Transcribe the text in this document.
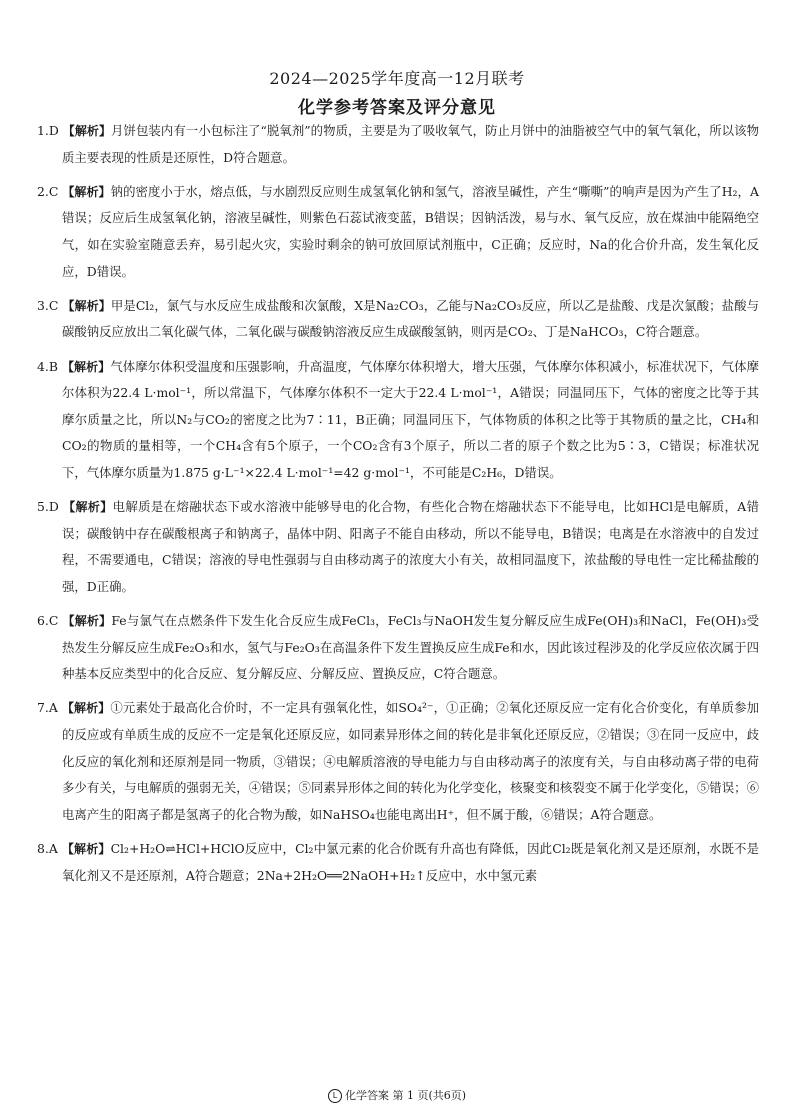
2024—2025学年度高一12月联考
化学参考答案及评分意见

1.D 【解析】月饼包装内有一小包标注了“脱氧剂”的物质，主要是为了吸收氧气，防止月饼中的油脂被空气中的氧气氧化，所以该物质主要表现的性质是还原性，D符合题意。

2.C 【解析】钠的密度小于水，熔点低，与水剧烈反应则生成氢氧化钠和氢气，溶液呈碱性，产生“嘶嘶”的响声是因为产生了H₂，A错误；反应后生成氢氧化钠，溶液呈碱性，则紫色石蕊试液变蓝，B错误；因钠活泼，易与水、氧气反应，放在煤油中能隔绝空气，如在实验室随意丢弃，易引起火灾，实验时剩余的钠可放回原试剂瓶中，C正确；反应时，Na的化合价升高，发生氧化反应，D错误。

3.C 【解析】甲是Cl₂，氯气与水反应生成盐酸和次氯酸，X是Na₂CO₃，乙能与Na₂CO₃反应，所以乙是盐酸、戊是次氯酸；盐酸与碳酸钠反应放出二氧化碳气体，二氧化碳与碳酸钠溶液反应生成碳酸氢钠，则丙是CO₂、丁是NaHCO₃，C符合题意。

4.B 【解析】气体摩尔体积受温度和压强影响，升高温度，气体摩尔体积增大，增大压强，气体摩尔体积减小，标准状况下，气体摩尔体积为22.4 L·mol⁻¹，所以常温下，气体摩尔体积不一定大于22.4 L·mol⁻¹，A错误；同温同压下，气体的密度之比等于其摩尔质量之比，所以N₂与CO₂的密度之比为7∶11，B正确；同温同压下，气体物质的体积之比等于其物质的量之比，CH₄和CO₂的物质的量相等，一个CH₄含有5个原子，一个CO₂含有3个原子，所以二者的原子个数之比为5∶3，C错误；标准状况下，气体摩尔质量为1.875 g·L⁻¹×22.4 L·mol⁻¹=42 g·mol⁻¹，不可能是C₂H₆，D错误。

5.D 【解析】电解质是在熔融状态下或水溶液中能够导电的化合物，有些化合物在熔融状态下不能导电，比如HCl是电解质，A错误；碳酸钠中存在碳酸根离子和钠离子，晶体中阴、阳离子不能自由移动，所以不能导电，B错误；电离是在水溶液中的自发过程，不需要通电，C错误；溶液的导电性强弱与自由移动离子的浓度大小有关，故相同温度下，浓盐酸的导电性一定比稀盐酸的强，D正确。

6.C 【解析】Fe与氯气在点燃条件下发生化合反应生成FeCl₃，FeCl₃与NaOH发生复分解反应生成Fe(OH)₃和NaCl，Fe(OH)₃受热发生分解反应生成Fe₂O₃和水，氢气与Fe₂O₃在高温条件下发生置换反应生成Fe和水，因此该过程涉及的化学反应依次属于四种基本反应类型中的化合反应、复分解反应、分解反应、置换反应，C符合题意。

7.A 【解析】①元素处于最高化合价时，不一定具有强氧化性，如SO₄²⁻，①正确；②氧化还原反应一定有化合价变化，有单质参加的反应或有单质生成的反应不一定是氧化还原反应，如同素异形体之间的转化是非氧化还原反应，②错误；③在同一反应中，歧化反应的氧化剂和还原剂是同一物质，③错误；④电解质溶液的导电能力与自由移动离子的浓度有关，与自由移动离子带的电荷多少有关，与电解质的强弱无关，④错误；⑤同素异形体之间的转化为化学变化，核聚变和核裂变不属于化学变化，⑤错误；⑥电离产生的阳离子都是氢离子的化合物为酸，如NaHSO₄也能电离出H⁺，但不属于酸，⑥错误；A符合题意。

8.A 【解析】Cl₂+H₂O⇌HCl+HClO反应中，Cl₂中氯元素的化合价既有升高也有降低，因此Cl₂既是氧化剂又是还原剂，水既不是氧化剂又不是还原剂，A符合题意；2Na+2H₂O══2NaOH+H₂↑反应中，水中氢元素

L 化学答案 第 1 页(共6页)
